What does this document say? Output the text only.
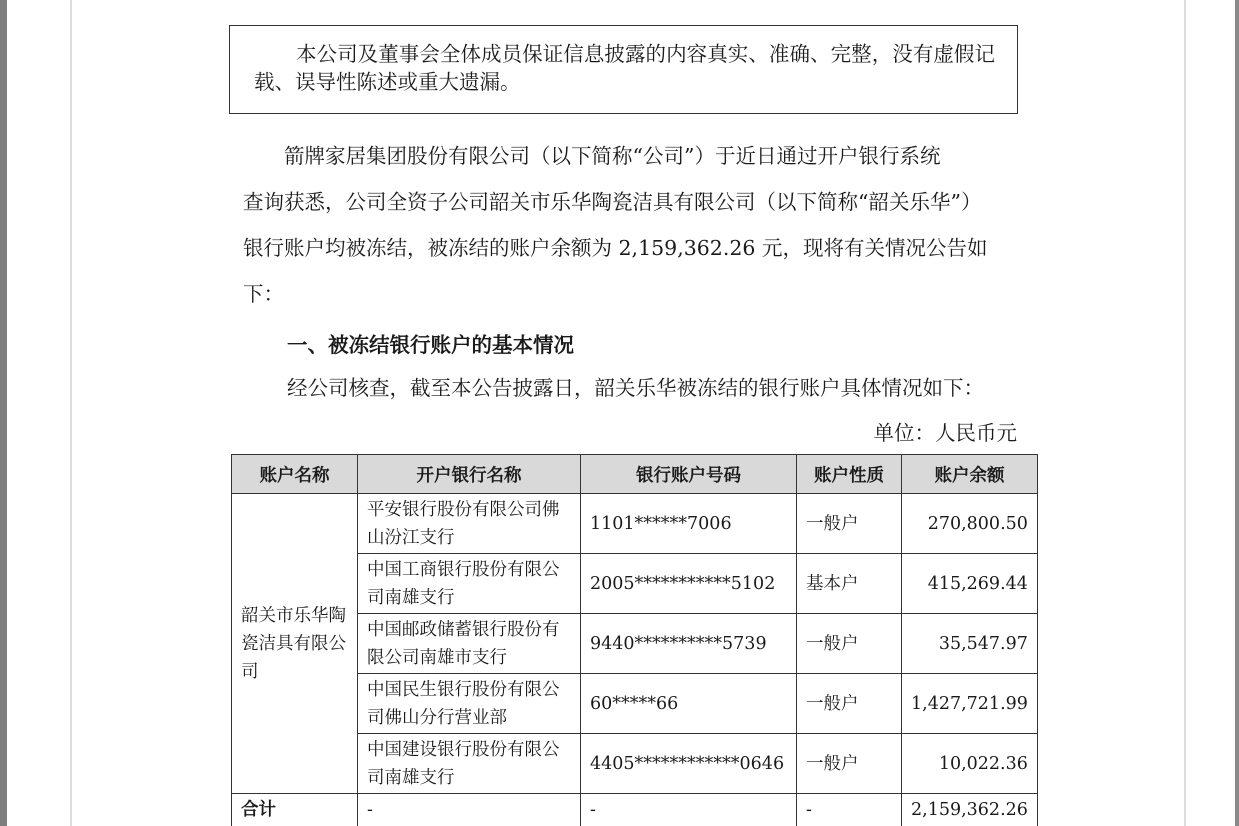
本公司及董事会全体成员保证信息披露的内容真实、准确、完整，没有虚假记载、误导性陈述或重大遗漏。
　　箭牌家居集团股份有限公司（以下简称“公司”）于近日通过开户银行系统
查询获悉，公司全资子公司韶关市乐华陶瓷洁具有限公司（以下简称“韶关乐华”）
银行账户均被冻结，被冻结的账户余额为 2,159,362.26 元，现将有关情况公告如
下：
一、被冻结银行账户的基本情况
经公司核查，截至本公告披露日，韶关乐华被冻结的银行账户具体情况如下：
单位：人民币元
账户名称	开户银行名称	银行账户号码	账户性质	账户余额
韶关市乐华陶瓷洁具有限公司	平安银行股份有限公司佛山汾江支行	1101******7006	一般户	270,800.50
	中国工商银行股份有限公司南雄支行	2005***********5102	基本户	415,269.44
	中国邮政储蓄银行股份有限公司南雄市支行	9440**********5739	一般户	35,547.97
	中国民生银行股份有限公司佛山分行营业部	60*****66	一般户	1,427,721.99
	中国建设银行股份有限公司南雄支行	4405************0646	一般户	10,022.36
合计	-	-	-	2,159,362.26
